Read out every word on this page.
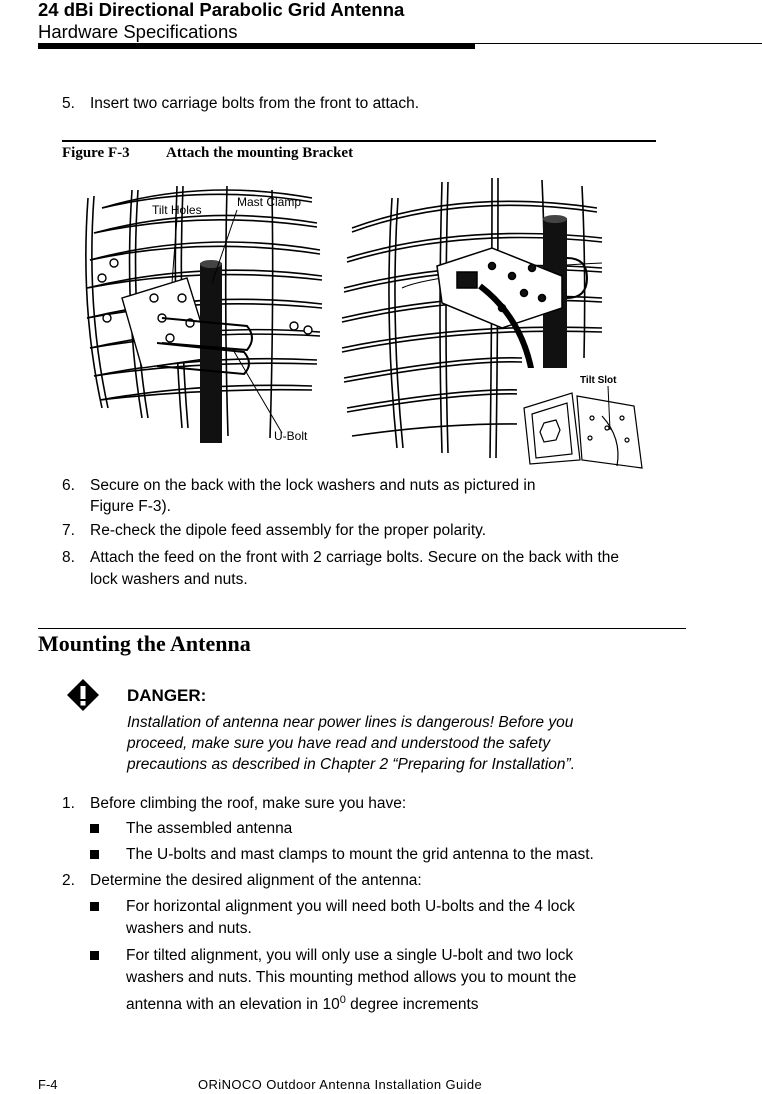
24 dBi Directional Parabolic Grid Antenna
Hardware Specifications
5. Insert two carriage bolts from the front to attach.
Figure F-3 Attach the mounting Bracket
Tilt Holes
Mast Clamp
U-Bolt
Tilt Slot
6. Secure on the back with the lock washers and nuts as pictured in
Figure F-3).
7. Re-check the dipole feed assembly for the proper polarity.
8. Attach the feed on the front with 2 carriage bolts. Secure on the back with the
lock washers and nuts.
Mounting the Antenna
DANGER:
Installation of antenna near power lines is dangerous! Before you
proceed, make sure you have read and understood the safety
precautions as described in Chapter 2 “Preparing for Installation”.
1. Before climbing the roof, make sure you have:
The assembled antenna
The U-bolts and mast clamps to mount the grid antenna to the mast.
2. Determine the desired alignment of the antenna:
For horizontal alignment you will need both U-bolts and the 4 lock
washers and nuts.
For tilted alignment, you will only use a single U-bolt and two lock
washers and nuts. This mounting method allows you to mount the
antenna with an elevation in $10^0$ degree increments
F-4	ORiNOCO Outdoor Antenna Installation Guide
